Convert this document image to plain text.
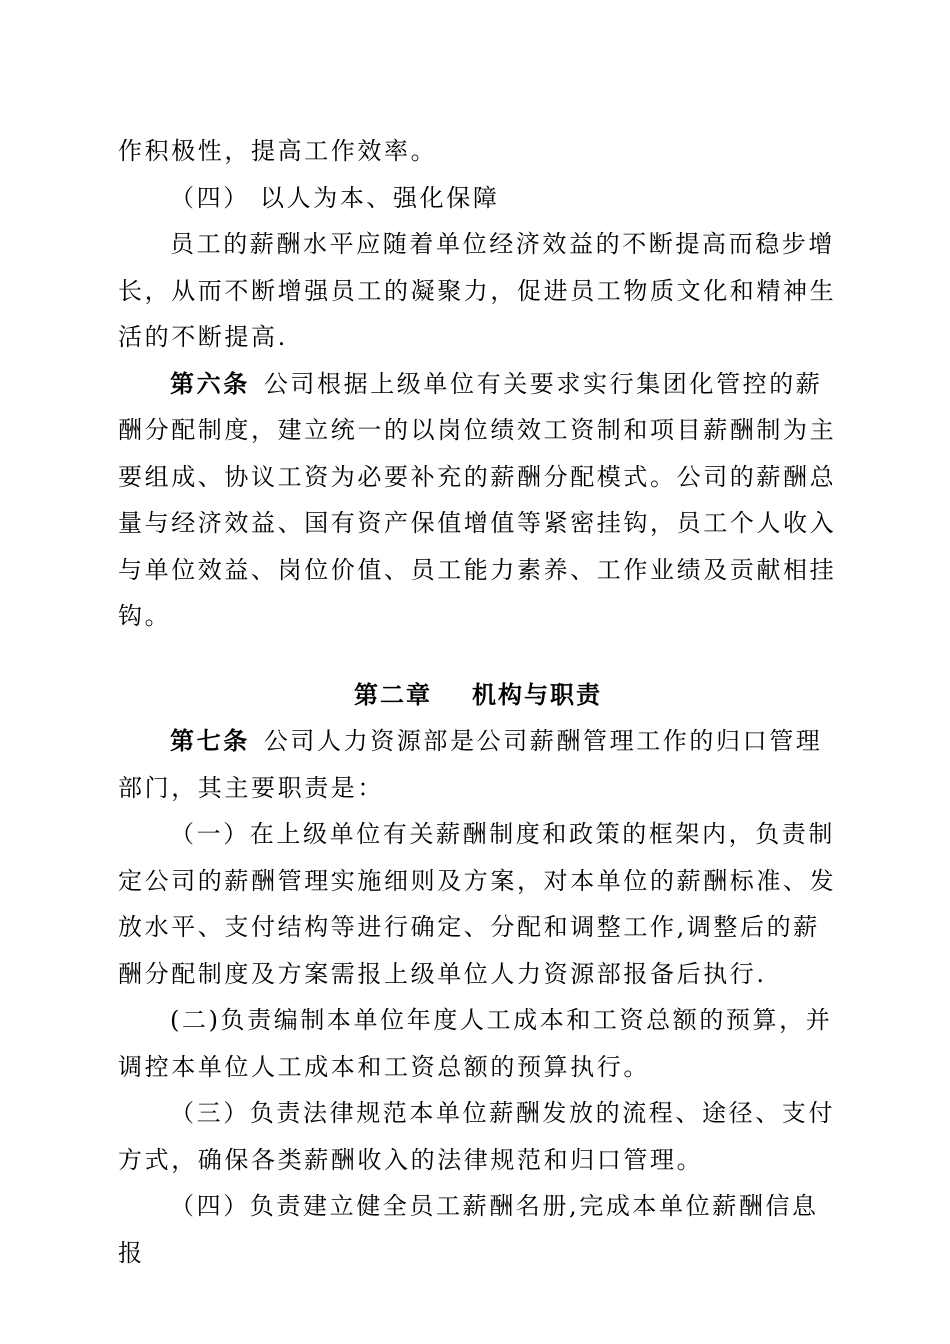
作积极性，提高工作效率。

（四） 以人为本、强化保障

员工的薪酬水平应随着单位经济效益的不断提高而稳步增长，从而不断增强员工的凝聚力，促进员工物质文化和精神生活的不断提高.

第六条 公司根据上级单位有关要求实行集团化管控的薪酬分配制度，建立统一的以岗位绩效工资制和项目薪酬制为主要组成、协议工资为必要补充的薪酬分配模式。公司的薪酬总量与经济效益、国有资产保值增值等紧密挂钩，员工个人收入与单位效益、岗位价值、员工能力素养、工作业绩及贡献相挂钩。

第二章 机构与职责

第七条 公司人力资源部是公司薪酬管理工作的归口管理部门，其主要职责是：

（一）在上级单位有关薪酬制度和政策的框架内，负责制定公司的薪酬管理实施细则及方案，对本单位的薪酬标准、发放水平、支付结构等进行确定、分配和调整工作,调整后的薪酬分配制度及方案需报上级单位人力资源部报备后执行.

(二)负责编制本单位年度人工成本和工资总额的预算，并调控本单位人工成本和工资总额的预算执行。

（三）负责法律规范本单位薪酬发放的流程、途径、支付方式，确保各类薪酬收入的法律规范和归口管理。

（四）负责建立健全员工薪酬名册,完成本单位薪酬信息报
